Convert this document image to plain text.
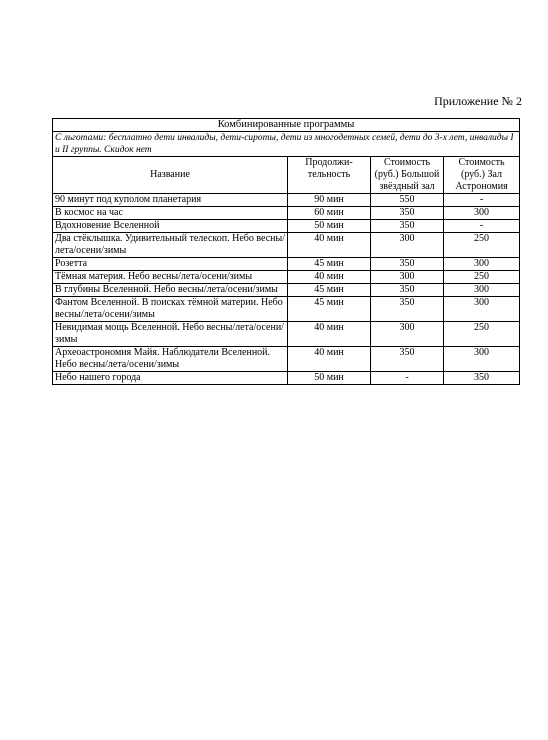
Приложение № 2
Комбинированные программы			
С льготами: бесплатно дети инвалиды, дети-сироты, дети из многодетных семей, дети до 3-х лет, инвалиды I и II группы. Скидок нет			
Название	Продолжи-тельность	Стоимость (руб.) Большой звёздный зал	Стоимость (руб.) Зал Астрономия
90 минут под куполом планетария	90 мин	550	-
В космос на час	60 мин	350	300
Вдохновение Вселенной	50 мин	350	-
Два стёклышка. Удивительный телескоп. Небо весны/лета/осени/зимы	40 мин	300	250
Розетта	45 мин	350	300
Тёмная материя. Небо весны/лета/осени/зимы	40 мин	300	250
В глубины Вселенной. Небо весны/лета/осени/зимы	45 мин	350	300
Фантом Вселенной. В поисках тёмной материи. Небо весны/лета/осени/зимы	45 мин	350	300
Невидимая мощь Вселенной. Небо весны/лета/осени/зимы	40 мин	300	250
Археоастрономия Майя. Наблюдатели Вселенной. Небо весны/лета/осени/зимы	40 мин	350	300
Небо нашего города	50 мин	-	350
